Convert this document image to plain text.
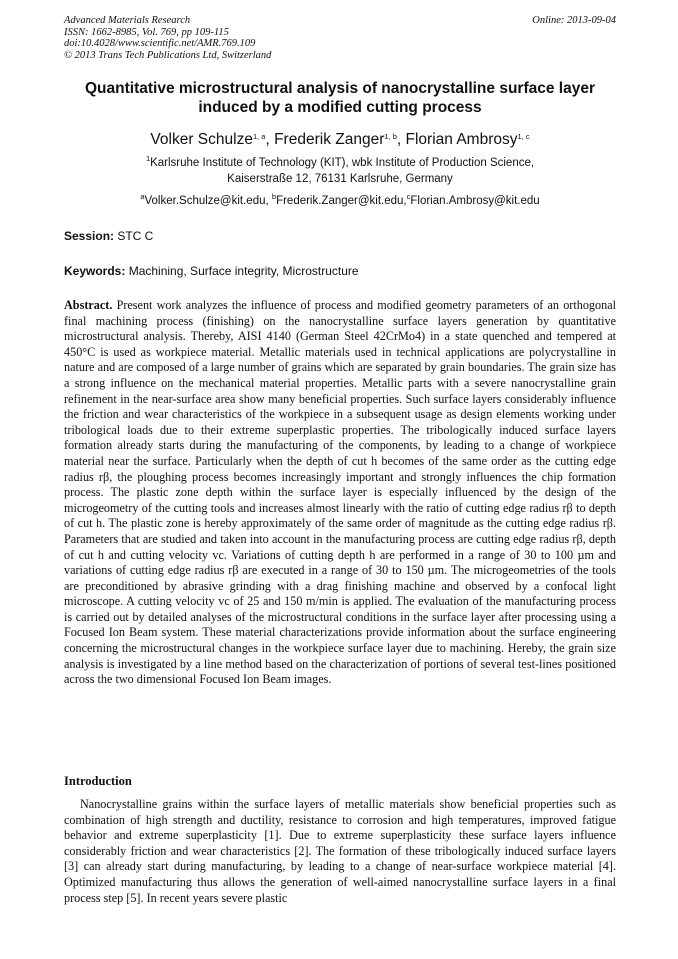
Advanced Materials Research
ISSN: 1662-8985, Vol. 769, pp 109-115
doi:10.4028/www.scientific.net/AMR.769.109
© 2013 Trans Tech Publications Ltd, Switzerland
Online: 2013-09-04
Quantitative microstructural analysis of nanocrystalline surface layer
induced by a modified cutting process
Volker Schulze$^{1, a}$, Frederik Zanger$^{1, b}$, Florian Ambrosy$^{1, c}$
$^1$Karlsruhe Institute of Technology (KIT), wbk Institute of Production Science,
Kaiserstraße 12, 76131 Karlsruhe, Germany
$^a$Volker.Schulze@kit.edu, $^b$Frederik.Zanger@kit.edu,$^c$Florian.Ambrosy@kit.edu
Session: STC C
Keywords: Machining, Surface integrity, Microstructure
Abstract. Present work analyzes the influence of process and modified geometry parameters of an orthogonal final machining process (finishing) on the nanocrystalline surface layers generation by quantitative microstructural analysis. Thereby, AISI 4140 (German Steel 42CrMo4) in a state quenched and tempered at 450°C is used as workpiece material. Metallic materials used in technical applications are polycrystalline in nature and are composed of a large number of grains which are separated by grain boundaries. The grain size has a strong influence on the mechanical material properties. Metallic parts with a severe nanocrystalline grain refinement in the near-surface area show many beneficial properties. Such surface layers considerably influence the friction and wear characteristics of the workpiece in a subsequent usage as design elements working under tribological loads due to their extreme superplastic properties. The tribologically induced surface layers formation already starts during the manufacturing of the components, by leading to a change of workpiece material near the surface. Particularly when the depth of cut h becomes of the same order as the cutting edge radius rβ, the ploughing process becomes increasingly important and strongly influences the chip formation process. The plastic zone depth within the surface layer is especially influenced by the design of the microgeometry of the cutting tools and increases almost linearly with the ratio of cutting edge radius rβ to depth of cut h. The plastic zone is hereby approximately of the same order of magnitude as the cutting edge radius rβ. Parameters that are studied and taken into account in the manufacturing process are cutting edge radius rβ, depth of cut h and cutting velocity vc. Variations of cutting depth h are performed in a range of 30 to 100 µm and variations of cutting edge radius rβ are executed in a range of 30 to 150 µm. The microgeometries of the tools are preconditioned by abrasive grinding with a drag finishing machine and observed by a confocal light microscope. A cutting velocity vc of 25 and 150 m/min is applied. The evaluation of the manufacturing process is carried out by detailed analyses of the microstructural conditions in the surface layer after processing using a Focused Ion Beam system. These material characterizations provide information about the surface engineering concerning the microstructural changes in the workpiece surface layer due to machining. Hereby, the grain size analysis is investigated by a line method based on the characterization of portions of several test-lines positioned across the two dimensional Focused Ion Beam images.
Introduction
Nanocrystalline grains within the surface layers of metallic materials show beneficial properties such as combination of high strength and ductility, resistance to corrosion and high temperatures, improved fatigue behavior and extreme superplasticity [1]. Due to extreme superplasticity these surface layers influence considerably friction and wear characteristics [2]. The formation of these tribologically induced surface layers [3] can already start during manufacturing, by leading to a change of near-surface workpiece material [4]. Optimized manufacturing thus allows the generation of well-aimed nanocrystalline surface layers in a final process step [5]. In recent years severe plastic
